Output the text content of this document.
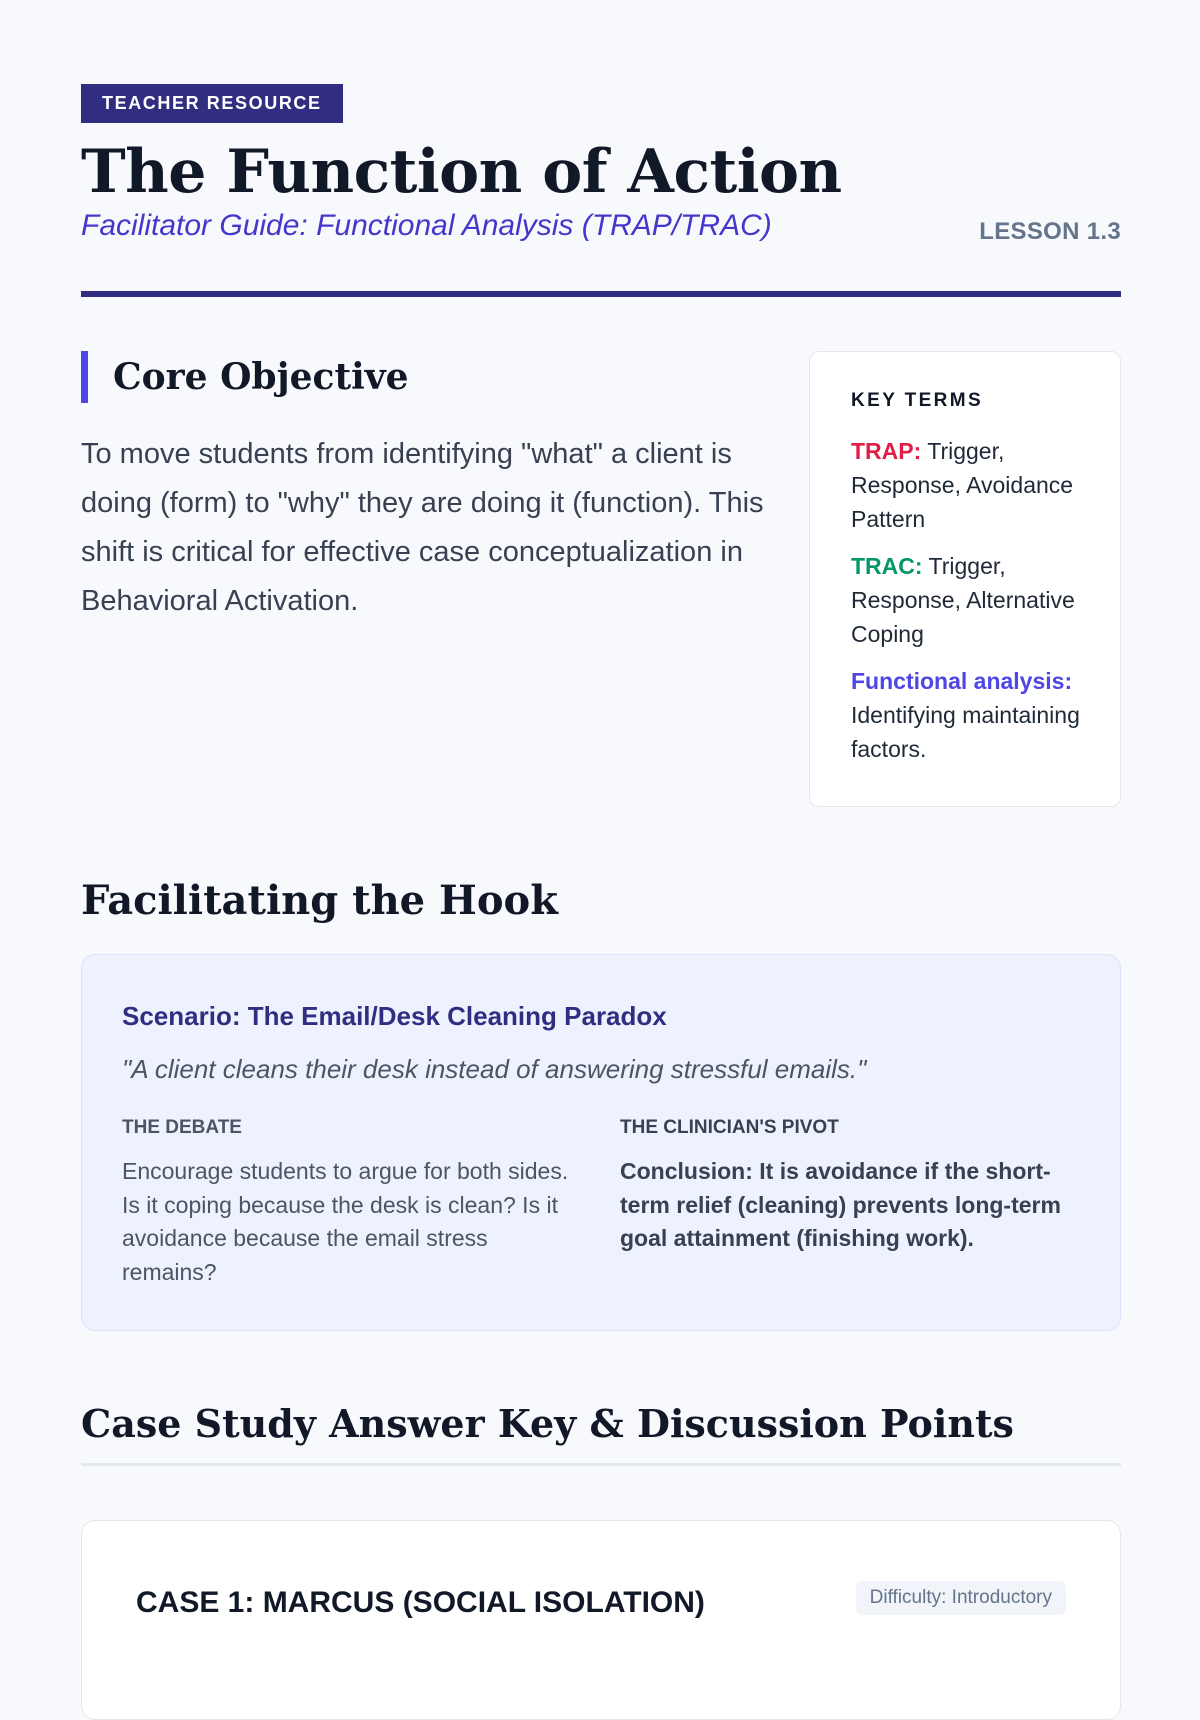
TEACHER RESOURCE
The Function of Action
Facilitator Guide: Functional Analysis (TRAP/TRAC)	LESSON 1.3
Core Objective

To move students from identifying "what" a client is doing (form) to "why" they are doing it (function). This shift is critical for effective case conceptualization in Behavioral Activation.

KEY TERMS
TRAP: Trigger, Response, Avoidance Pattern
TRAC: Trigger, Response, Alternative Coping
Functional analysis: Identifying maintaining factors.
Facilitating the Hook
Scenario: The Email/Desk Cleaning Paradox
"A client cleans their desk instead of answering stressful emails."
THE DEBATE

Encourage students to argue for both sides. Is it coping because the desk is clean? Is it avoidance because the email stress remains?

THE CLINICIAN'S PIVOT

Conclusion: It is avoidance if the short-term relief (cleaning) prevents long-term goal attainment (finishing work).

Case Study Answer Key & Discussion Points
CASE 1: MARCUS (SOCIAL ISOLATION)	Difficulty: Introductory
